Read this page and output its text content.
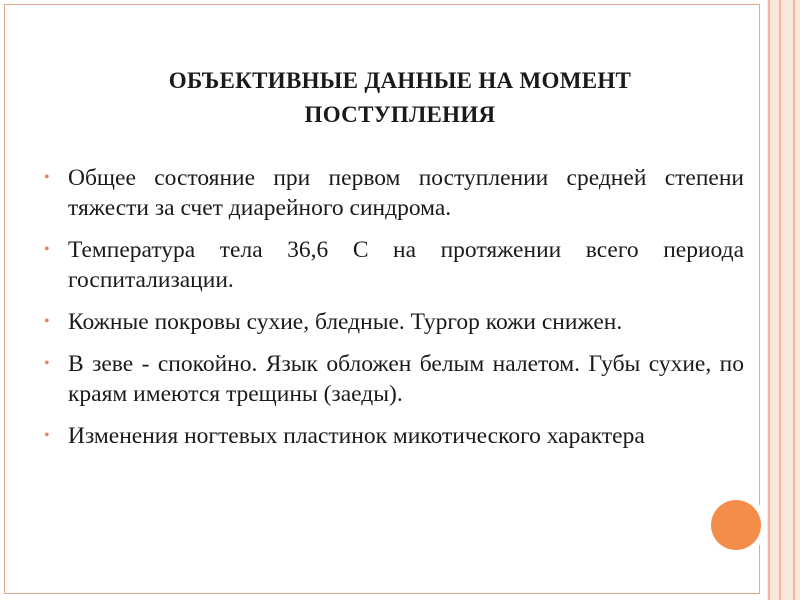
ОБЪЕКТИВНЫЕ ДАННЫЕ НА МОМЕНТ
ПОСТУПЛЕНИЯ
• Общее состояние при первом поступлении средней степени тяжести за счет диарейного синдрома.
• Температура тела 36,6 С на протяжении всего периода госпитализации.
• Кожные покровы сухие, бледные. Тургор кожи снижен.
• В зеве - спокойно. Язык обложен белым налетом. Губы сухие, по краям имеются трещины (заеды).
• Изменения ногтевых пластинок микотического характера
